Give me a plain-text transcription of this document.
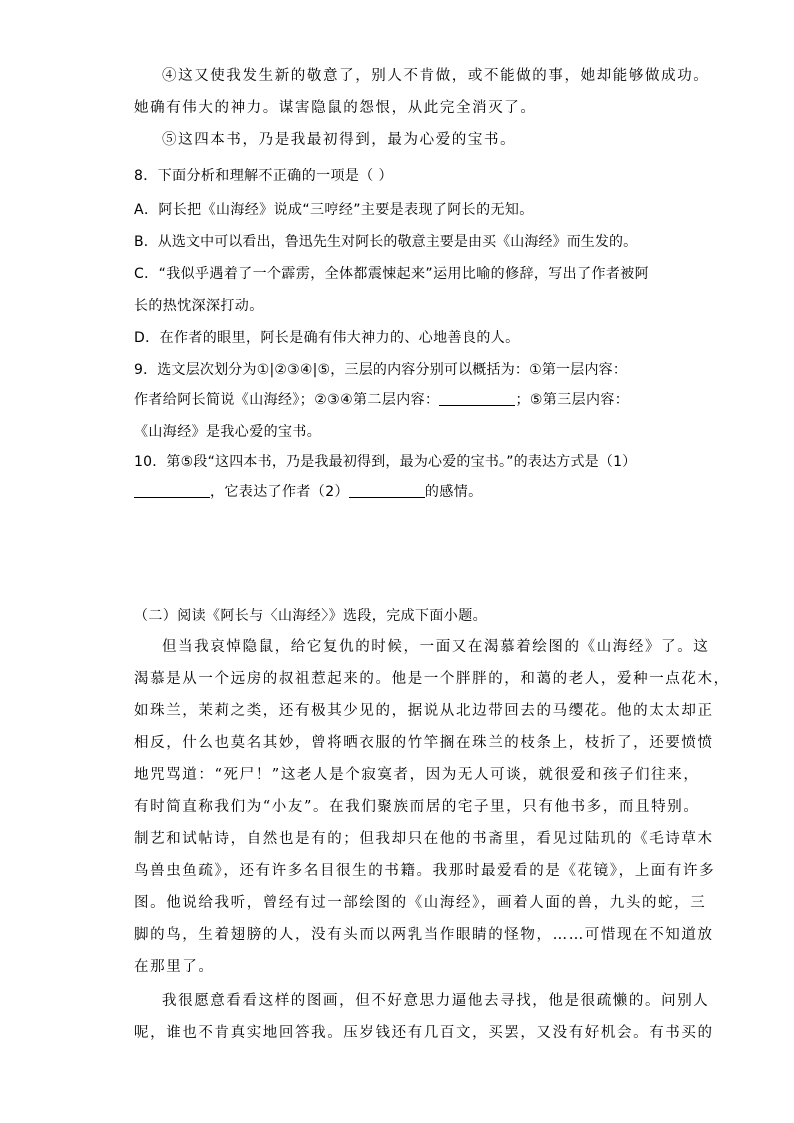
④这又使我发生新的敬意了，别人不肯做，或不能做的事，她却能够做成功。
她确有伟大的神力。谋害隐鼠的怨恨，从此完全消灭了。
⑤这四本书，乃是我最初得到，最为心爱的宝书。
8．下面分析和理解不正确的一项是（ ）
A．阿长把《山海经》说成“三哼经”主要是表现了阿长的无知。
B．从选文中可以看出，鲁迅先生对阿长的敬意主要是由买《山海经》而生发的。
C．“我似乎遇着了一个霹雳，全体都震悚起来”运用比喻的修辞，写出了作者被阿
长的热忱深深打动。
D．在作者的眼里，阿长是确有伟大神力的、心地善良的人。
9．选文层次划分为①|②③④|⑤，三层的内容分别可以概括为：①第一层内容：
作者给阿长简说《山海经》；②③④第二层内容：	；⑤第三层内容：
《山海经》是我心爱的宝书。
10．第⑤段“这四本书，乃是我最初得到，最为心爱的宝书。”的表达方式是（1）
，它表达了作者（2）	的感情。
（二）阅读《阿长与〈山海经〉》选段，完成下面小题。
但当我哀悼隐鼠，给它复仇的时候，一面又在渴慕着绘图的《山海经》了。这
渴慕是从一个远房的叔祖惹起来的。他是一个胖胖的，和蔼的老人，爱种一点花木，
如珠兰，茉莉之类，还有极其少见的，据说从北边带回去的马缨花。他的太太却正
相反，什么也莫名其妙，曾将晒衣服的竹竿搁在珠兰的枝条上，枝折了，还要愤愤
地咒骂道：“死尸！”这老人是个寂寞者，因为无人可谈，就很爱和孩子们往来，
有时简直称我们为“小友”。在我们聚族而居的宅子里，只有他书多，而且特别。
制艺和试帖诗，自然也是有的；但我却只在他的书斋里，看见过陆玑的《毛诗草木
鸟兽虫鱼疏》，还有许多名目很生的书籍。我那时最爱看的是《花镜》，上面有许多
图。他说给我听，曾经有过一部绘图的《山海经》，画着人面的兽，九头的蛇，三
脚的鸟，生着翅膀的人，没有头而以两乳当作眼睛的怪物，……可惜现在不知道放
在那里了。
我很愿意看看这样的图画，但不好意思力逼他去寻找，他是很疏懒的。问别人
呢，谁也不肯真实地回答我。压岁钱还有几百文，买罢，又没有好机会。有书买的
